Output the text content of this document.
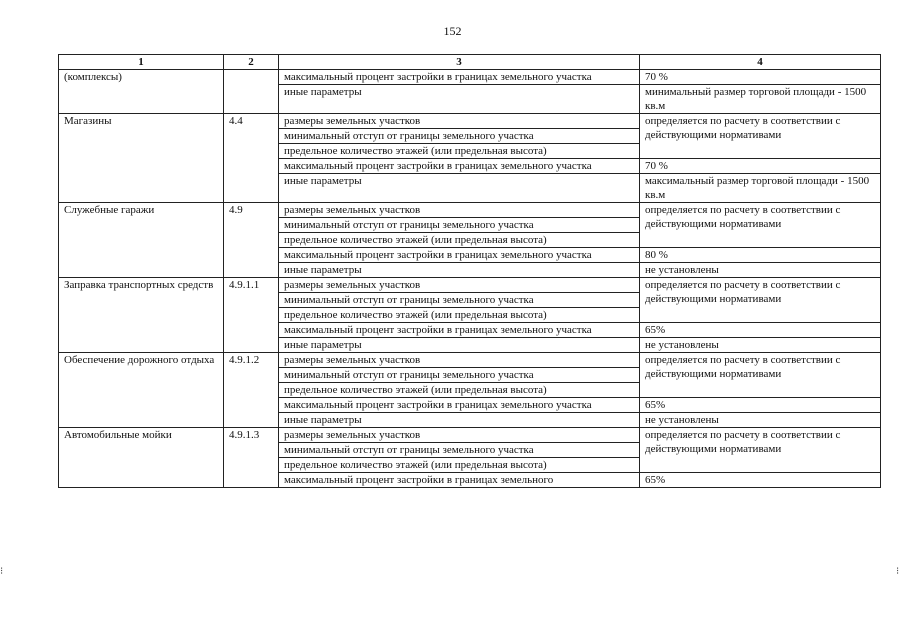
152
1	2	3	4
(комплексы)		максимальный процент застройки в границах земельного участка	70 %
		иные параметры	минимальный размер торговой площади - 1500 кв.м
Магазины	4.4	размеры земельных участков	определяется по расчету в соответствии с действующими нормативами
		минимальный отступ от границы земельного участка	
		предельное количество этажей (или предельная высота)	
		максимальный процент застройки в границах земельного участка	70 %
		иные параметры	максимальный размер торговой площади - 1500 кв.м
Служебные гаражи	4.9	размеры земельных участков	определяется по расчету в соответствии с действующими нормативами
		минимальный отступ от границы земельного участка	
		предельное количество этажей (или предельная высота)	
		максимальный процент застройки в границах земельного участка	80 %
		иные параметры	не установлены
Заправка транспортных средств	4.9.1.1	размеры земельных участков	определяется по расчету в соответствии с действующими нормативами
		минимальный отступ от границы земельного участка	
		предельное количество этажей (или предельная высота)	
		максимальный процент застройки в границах земельного участка	65%
		иные параметры	не установлены
Обеспечение дорожного отдыха	4.9.1.2	размеры земельных участков	определяется по расчету в соответствии с действующими нормативами
		минимальный отступ от границы земельного участка	
		предельное количество этажей (или предельная высота)	
		максимальный процент застройки в границах земельного участка	65%
		иные параметры	не установлены
Автомобильные мойки	4.9.1.3	размеры земельных участков	определяется по расчету в соответствии с действующими нормативами
		минимальный отступ от границы земельного участка	
		предельное количество этажей (или предельная высота)	
		максимальный процент застройки в границах земельного	65%
⁝	⁝
